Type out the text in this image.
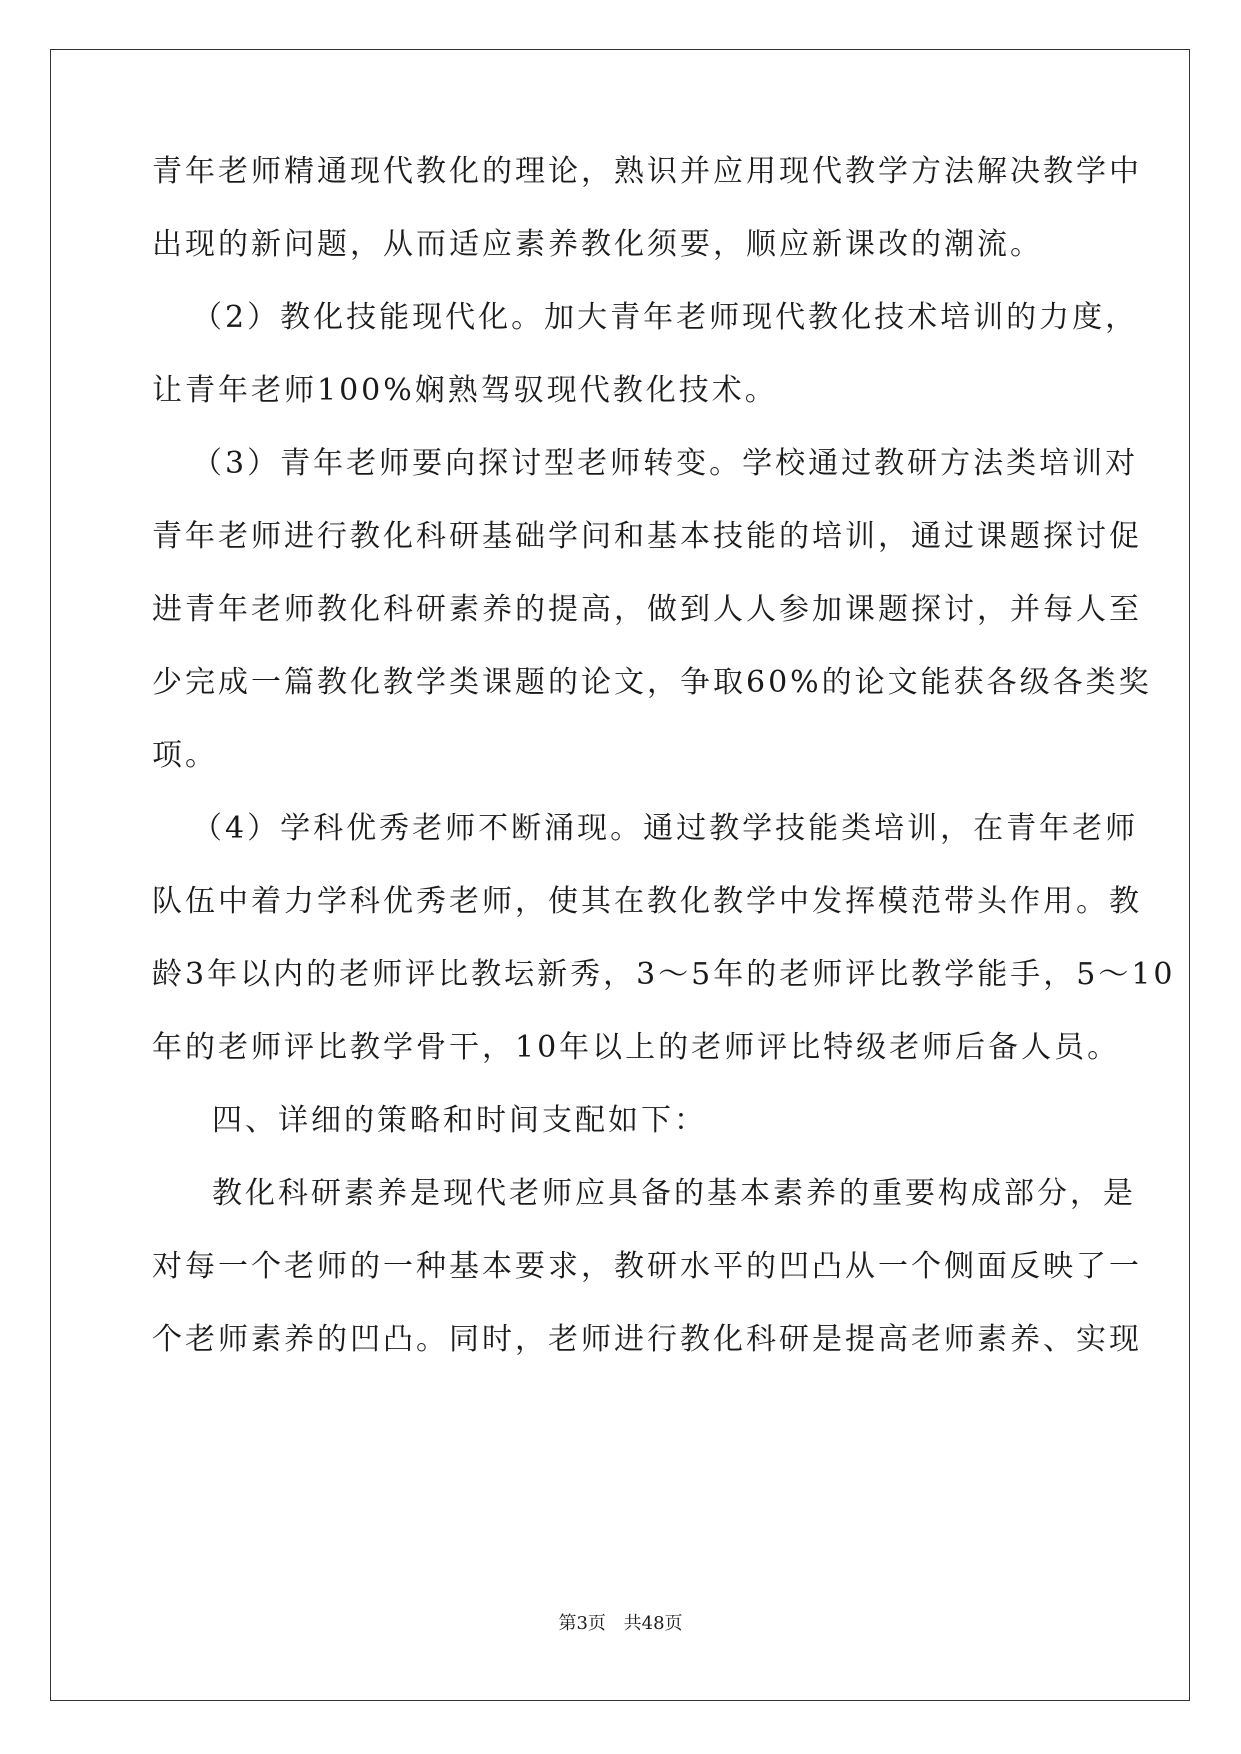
青年老师精通现代教化的理论，熟识并应用现代教学方法解决教学中
出现的新问题，从而适应素养教化须要，顺应新课改的潮流。
（2）教化技能现代化。加大青年老师现代教化技术培训的力度，
让青年老师100%娴熟驾驭现代教化技术。
（3）青年老师要向探讨型老师转变。学校通过教研方法类培训对
青年老师进行教化科研基础学问和基本技能的培训，通过课题探讨促
进青年老师教化科研素养的提高，做到人人参加课题探讨，并每人至
少完成一篇教化教学类课题的论文，争取60%的论文能获各级各类奖
项。
（4）学科优秀老师不断涌现。通过教学技能类培训，在青年老师
队伍中着力学科优秀老师，使其在教化教学中发挥模范带头作用。教
龄3年以内的老师评比教坛新秀，3～5年的老师评比教学能手，5～10
年的老师评比教学骨干，10年以上的老师评比特级老师后备人员。
四、详细的策略和时间支配如下：
教化科研素养是现代老师应具备的基本素养的重要构成部分，是
对每一个老师的一种基本要求，教研水平的凹凸从一个侧面反映了一
个老师素养的凹凸。同时，老师进行教化科研是提高老师素养、实现
第3页 共48页
